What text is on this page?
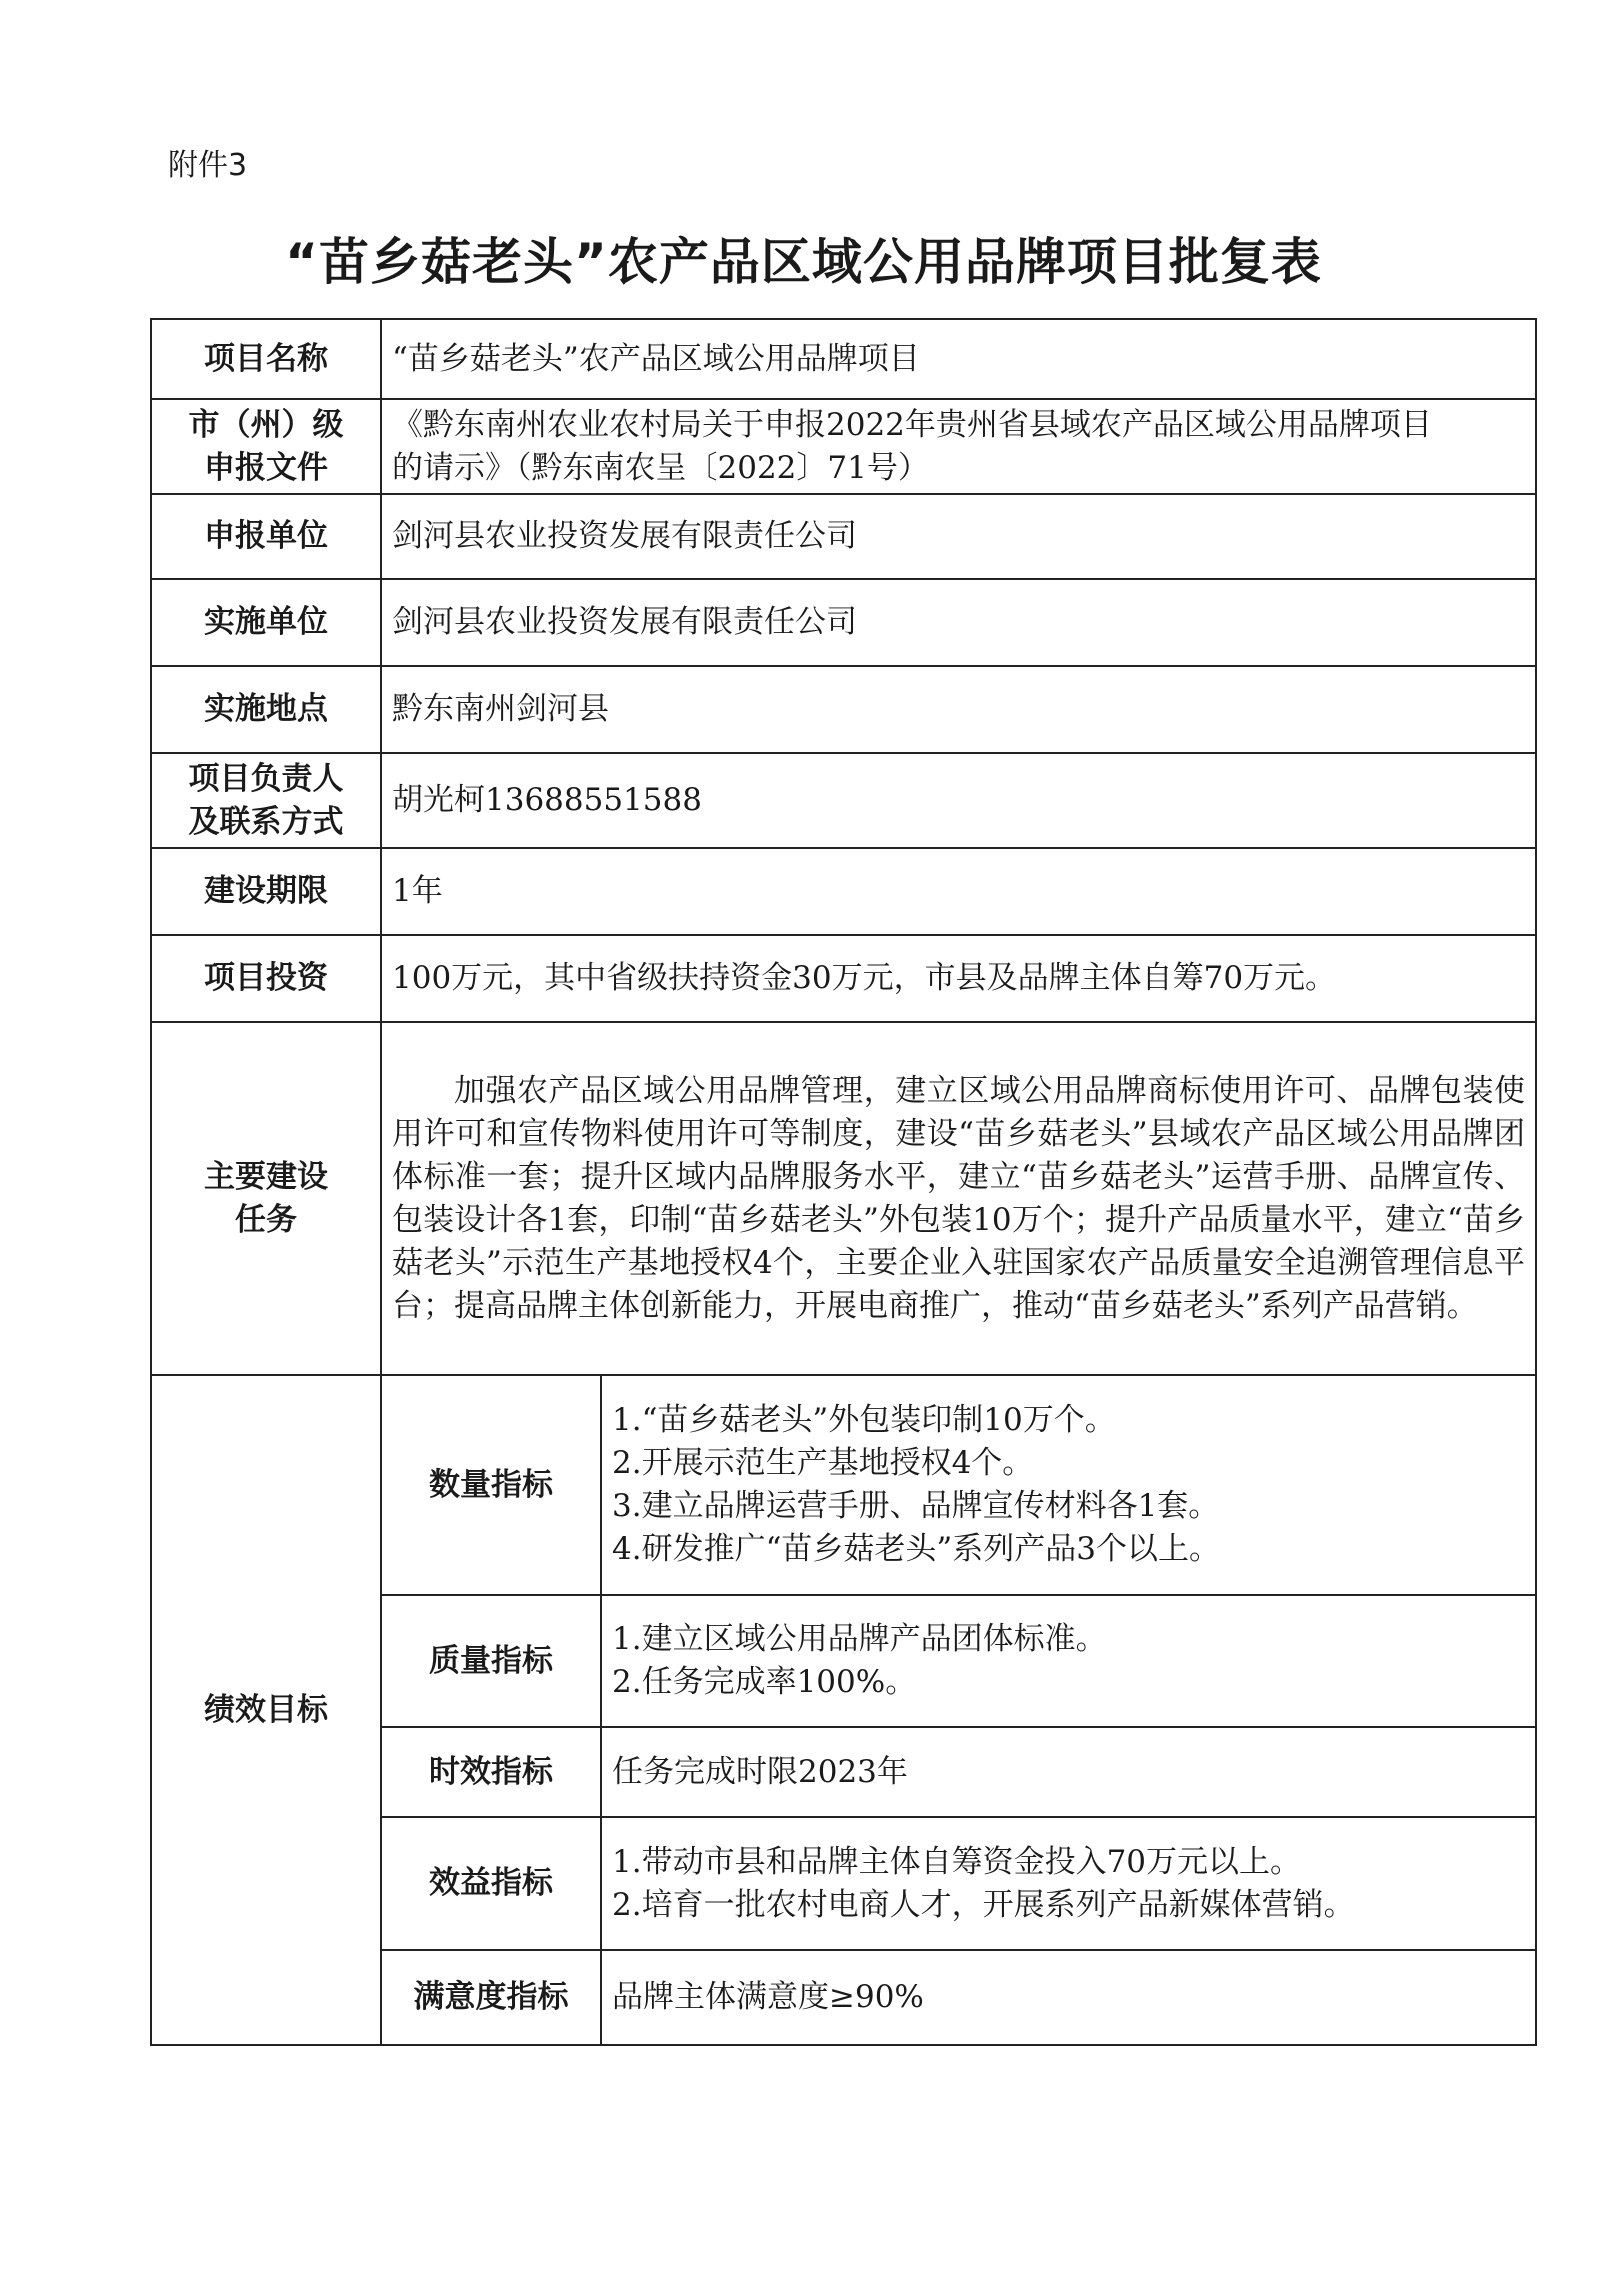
附件3
“苗乡菇老头”农产品区域公用品牌项目批复表
项目名称	“苗乡菇老头”农产品区域公用品牌项目	

市（州）级
申报文件	《黔东南州农业农村局关于申报2022年贵州省县域农产品区域公用品牌项目
的请示》（黔东南农呈〔2022〕71号）	

申报单位	剑河县农业投资发展有限责任公司	
实施单位	剑河县农业投资发展有限责任公司	
实施地点	黔东南州剑河县	

项目负责人
及联系方式	胡光柯13688551588	
建设期限	1年	
项目投资	100万元，其中省级扶持资金30万元，市县及品牌主体自筹70万元。	

主要建设
任务	加强农产品区域公用品牌管理，建立区域公用品牌商标使用许可、品牌包装使用许可和宣传物料使用许可等制度，建设“苗乡菇老头”县域农产品区域公用品牌团体标准一套；提升区域内品牌服务水平，建立“苗乡菇老头”运营手册、品牌宣传、包装设计各1套，印制“苗乡菇老头”外包装10万个；提升产品质量水平，建立“苗乡菇老头”示范生产基地授权4个，主要企业入驻国家农产品质量安全追溯管理信息平台；提高品牌主体创新能力，开展电商推广，推动“苗乡菇老头”系列产品营销。	
绩效目标	数量指标	1.“苗乡菇老头”外包装印制10万个。
2.开展示范生产基地授权4个。
3.建立品牌运营手册、品牌宣传材料各1套。
4.研发推广“苗乡菇老头”系列产品3个以上。

	质量指标	1.建立区域公用品牌产品团体标准。
2.任务完成率100%。

	时效指标	任务完成时限2023年
	效益指标	1.带动市县和品牌主体自筹资金投入70万元以上。
2.培育一批农村电商人才，开展系列产品新媒体营销。

	满意度指标	品牌主体满意度≥90%
